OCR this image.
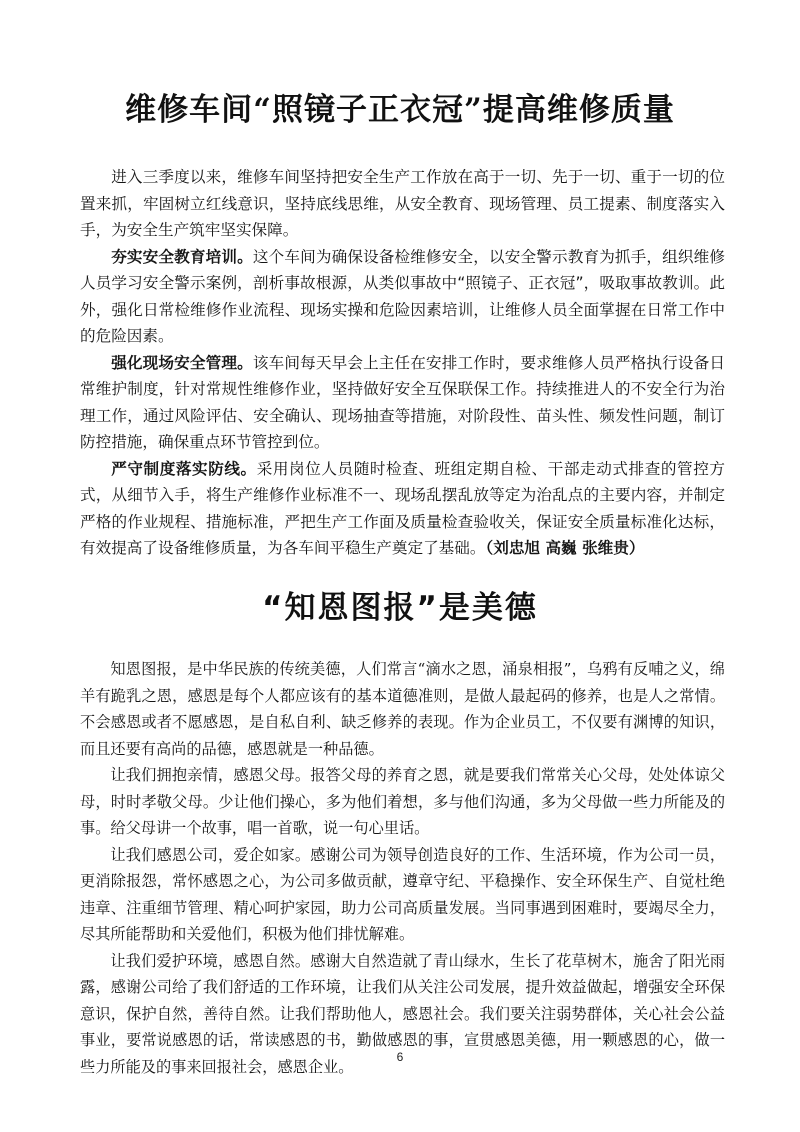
维修车间“照镜子正衣冠”提高维修质量

进入三季度以来，维修车间坚持把安全生产工作放在高于一切、先于一切、重于一切的位置来抓，牢固树立红线意识，坚持底线思维，从安全教育、现场管理、员工提素、制度落实入手，为安全生产筑牢坚实保障。

夯实安全教育培训。这个车间为确保设备检维修安全，以安全警示教育为抓手，组织维修人员学习安全警示案例，剖析事故根源，从类似事故中“照镜子、正衣冠”，吸取事故教训。此外，强化日常检维修作业流程、现场实操和危险因素培训，让维修人员全面掌握在日常工作中的危险因素。

强化现场安全管理。该车间每天早会上主任在安排工作时，要求维修人员严格执行设备日常维护制度，针对常规性维修作业，坚持做好安全互保联保工作。持续推进人的不安全行为治理工作，通过风险评估、安全确认、现场抽查等措施，对阶段性、苗头性、频发性问题，制订防控措施，确保重点环节管控到位。

严守制度落实防线。采用岗位人员随时检查、班组定期自检、干部走动式排查的管控方式，从细节入手，将生产维修作业标准不一、现场乱摆乱放等定为治乱点的主要内容，并制定严格的作业规程、措施标准，严把生产工作面及质量检查验收关，保证安全质量标准化达标，有效提高了设备维修质量，为各车间平稳生产奠定了基础。（刘忠旭 高巍 张维贵）

“知恩图报”是美德

知恩图报，是中华民族的传统美德，人们常言“滴水之恩，涌泉相报”，乌鸦有反哺之义，绵羊有跪乳之恩，感恩是每个人都应该有的基本道德准则，是做人最起码的修养，也是人之常情。不会感恩或者不愿感恩，是自私自利、缺乏修养的表现。作为企业员工，不仅要有渊博的知识，而且还要有高尚的品德，感恩就是一种品德。

让我们拥抱亲情，感恩父母。报答父母的养育之恩，就是要我们常常关心父母，处处体谅父母，时时孝敬父母。少让他们操心，多为他们着想，多与他们沟通，多为父母做一些力所能及的事。给父母讲一个故事，唱一首歌，说一句心里话。

让我们感恩公司，爱企如家。感谢公司为领导创造良好的工作、生活环境，作为公司一员，更消除报怨，常怀感恩之心，为公司多做贡献，遵章守纪、平稳操作、安全环保生产、自觉杜绝违章、注重细节管理、精心呵护家园，助力公司高质量发展。当同事遇到困难时，要竭尽全力，尽其所能帮助和关爱他们，积极为他们排忧解难。

让我们爱护环境，感恩自然。感谢大自然造就了青山绿水，生长了花草树木，施舍了阳光雨露，感谢公司给了我们舒适的工作环境，让我们从关注公司发展，提升效益做起，增强安全环保意识，保护自然，善待自然。让我们帮助他人，感恩社会。我们要关注弱势群体，关心社会公益事业，要常说感恩的话，常读感恩的书，勤做感恩的事，宣贯感恩美德，用一颗感恩的心，做一些力所能及的事来回报社会，感恩企业。

6
